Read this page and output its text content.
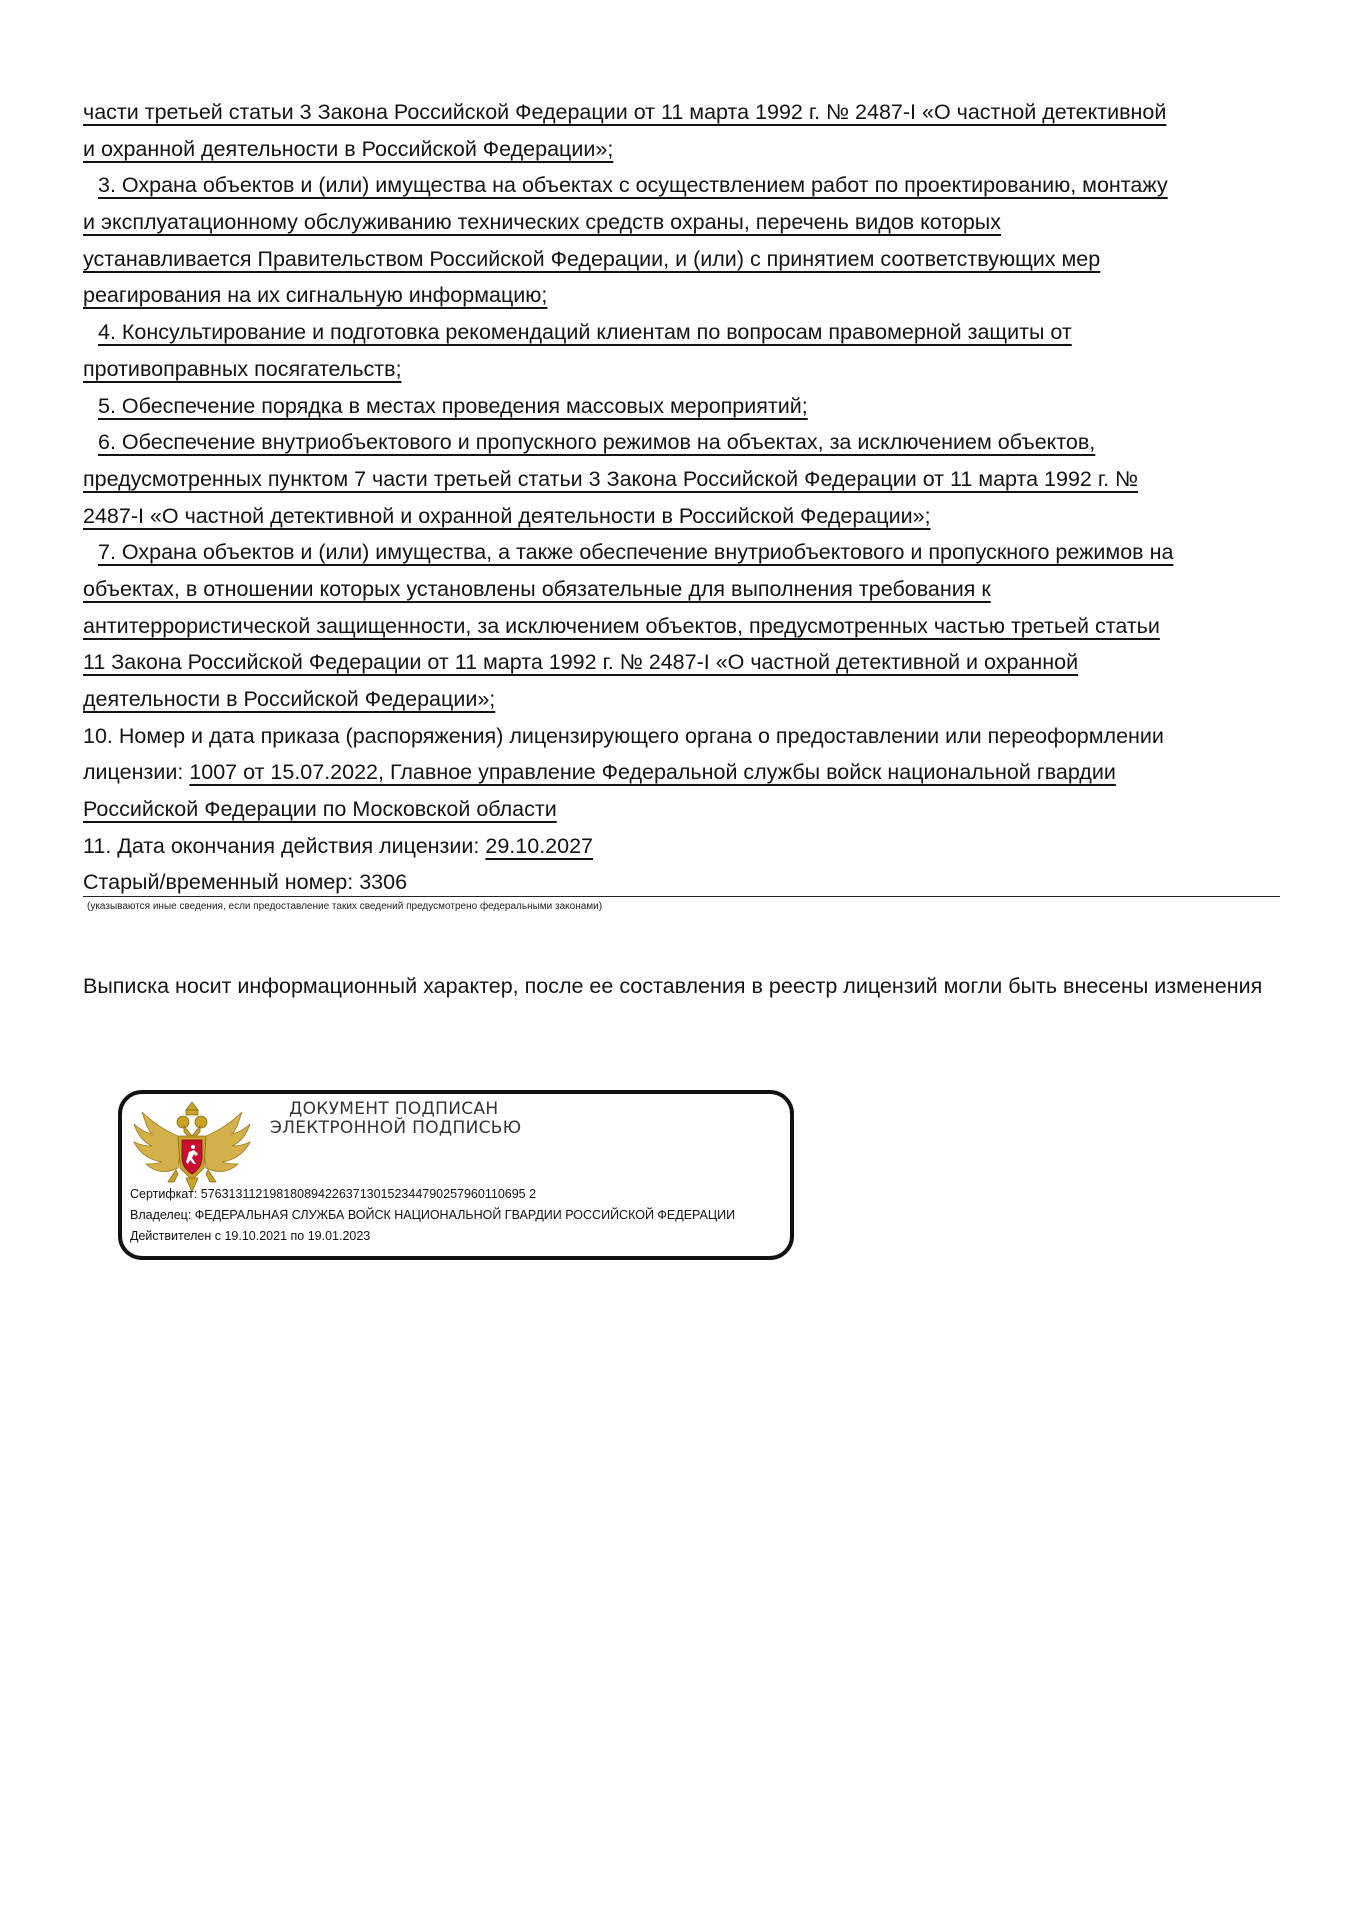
части третьей статьи 3 Закона Российской Федерации от 11 марта 1992 г. № 2487-I «О частной детективной
и охранной деятельности в Российской Федерации»;
3. Охрана объектов и (или) имущества на объектах с осуществлением работ по проектированию, монтажу
и эксплуатационному обслуживанию технических средств охраны, перечень видов которых
устанавливается Правительством Российской Федерации, и (или) с принятием соответствующих мер
реагирования на их сигнальную информацию;
4. Консультирование и подготовка рекомендаций клиентам по вопросам правомерной защиты от
противоправных посягательств;
5. Обеспечение порядка в местах проведения массовых мероприятий;
6. Обеспечение внутриобъектового и пропускного режимов на объектах, за исключением объектов,
предусмотренных пунктом 7 части третьей статьи 3 Закона Российской Федерации от 11 марта 1992 г. №
2487-I «О частной детективной и охранной деятельности в Российской Федерации»;
7. Охрана объектов и (или) имущества, а также обеспечение внутриобъектового и пропускного режимов на
объектах, в отношении которых установлены обязательные для выполнения требования к
антитеррористической защищенности, за исключением объектов, предусмотренных частью третьей статьи
11 Закона Российской Федерации от 11 марта 1992 г. № 2487-I «О частной детективной и охранной
деятельности в Российской Федерации»;
10. Номер и дата приказа (распоряжения) лицензирующего органа о предоставлении или переоформлении
лицензии: 1007 от 15.07.2022, Главное управление Федеральной службы войск национальной гвардии
Российской Федерации по Московской области
11. Дата окончания действия лицензии: 29.10.2027
Старый/временный номер: 3306
(указываются иные сведения, если предоставление таких сведений предусмотрено федеральными законами)
Выписка носит информационный характер, после ее составления в реестр лицензий могли быть внесены изменения
ДОКУМЕНТ ПОДПИСАН
ЭЛЕКТРОННОЙ ПОДПИСЬЮ
Сертифкат: 57631311219818089422637130152344790257960110695 2
Владелец: ФЕДЕРАЛЬНАЯ СЛУЖБА ВОЙСК НАЦИОНАЛЬНОЙ ГВАРДИИ РОССИЙСКОЙ ФЕДЕРАЦИИ
Действителен с 19.10.2021 по 19.01.2023
